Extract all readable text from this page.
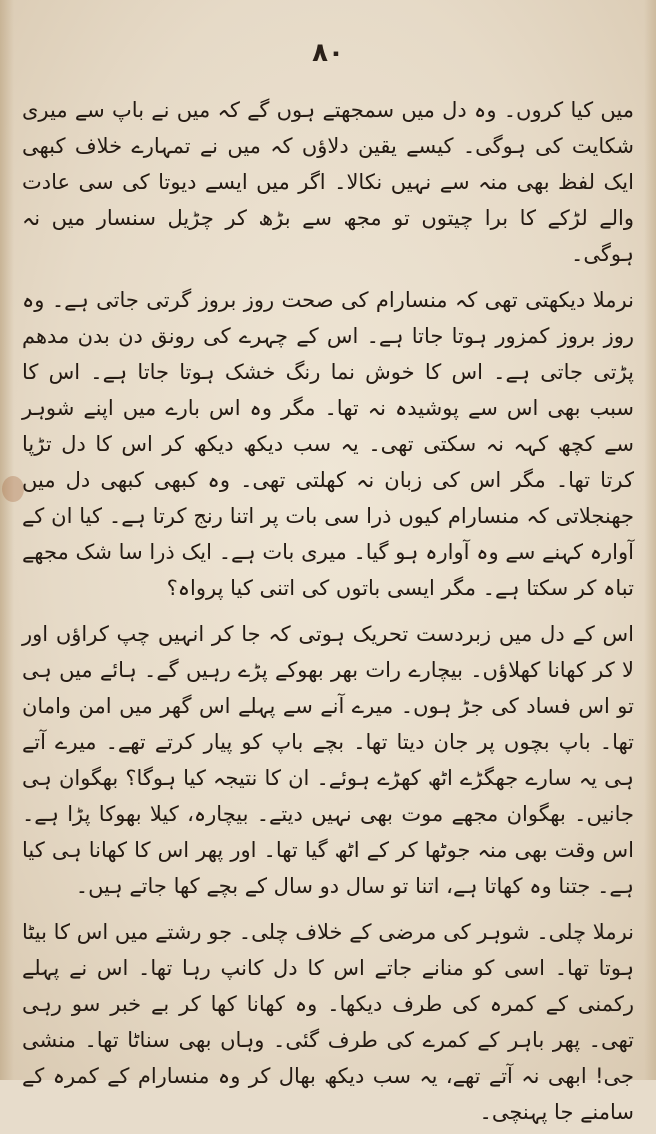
۸۰

میں کیا کروں۔ وہ دل میں سمجھتے ہوں گے کہ میں نے باپ سے میری شکایت کی ہوگی۔ کیسے یقین دلاؤں کہ میں نے تمہارے خلاف کبھی ایک لفظ بھی منہ سے نہیں نکالا۔ اگر میں ایسے دیوتا کی سی عادت والے لڑکے کا برا چیتوں تو مجھ سے بڑھ کر چڑیل سنسار میں نہ ہوگی۔

نرملا دیکھتی تھی کہ منسارام کی صحت روز بروز گرتی جاتی ہے۔ وہ روز بروز کمزور ہوتا جاتا ہے۔ اس کے چہرے کی رونق دن بدن مدھم پڑتی جاتی ہے۔ اس کا خوش نما رنگ خشک ہوتا جاتا ہے۔ اس کا سبب بھی اس سے پوشیدہ نہ تھا۔ مگر وہ اس بارے میں اپنے شوہر سے کچھ کہہ نہ سکتی تھی۔ یہ سب دیکھ دیکھ کر اس کا دل تڑپا کرتا تھا۔ مگر اس کی زبان نہ کھلتی تھی۔ وہ کبھی کبھی دل میں جھنجلاتی کہ منسارام کیوں ذرا سی بات پر اتنا رنج کرتا ہے۔ کیا ان کے آوارہ کہنے سے وہ آوارہ ہو گیا۔ میری بات ہے۔ ایک ذرا سا شک مجھے تباہ کر سکتا ہے۔ مگر ایسی باتوں کی اتنی کیا پرواہ؟

اس کے دل میں زبردست تحریک ہوتی کہ جا کر انہیں چپ کراؤں اور لا کر کھانا کھلاؤں۔ بیچارے رات بھر بھوکے پڑے رہیں گے۔ ہائے میں ہی تو اس فساد کی جڑ ہوں۔ میرے آنے سے پہلے اس گھر میں امن وامان تھا۔ باپ بچوں پر جان دیتا تھا۔ بچے باپ کو پیار کرتے تھے۔ میرے آتے ہی یہ سارے جھگڑے اٹھ کھڑے ہوئے۔ ان کا نتیجہ کیا ہوگا؟ بھگوان ہی جانیں۔ بھگوان مجھے موت بھی نہیں دیتے۔ بیچارہ، کیلا بھوکا پڑا ہے۔ اس وقت بھی منہ جوٹھا کر کے اٹھ گیا تھا۔ اور پھر اس کا کھانا ہی کیا ہے۔ جتنا وہ کھاتا ہے، اتنا تو سال دو سال کے بچے کھا جاتے ہیں۔

نرملا چلی۔ شوہر کی مرضی کے خلاف چلی۔ جو رشتے میں اس کا بیٹا ہوتا تھا۔ اسی کو منانے جاتے اس کا دل کانپ رہا تھا۔ اس نے پہلے رکمنی کے کمرہ کی طرف دیکھا۔ وہ کھانا کھا کر بے خبر سو رہی تھی۔ پھر باہر کے کمرے کی طرف گئی۔ وہاں بھی سناٹا تھا۔ منشی جی! ابھی نہ آتے تھے، یہ سب دیکھ بھال کر وہ منسارام کے کمرہ کے سامنے جا پہنچی۔
